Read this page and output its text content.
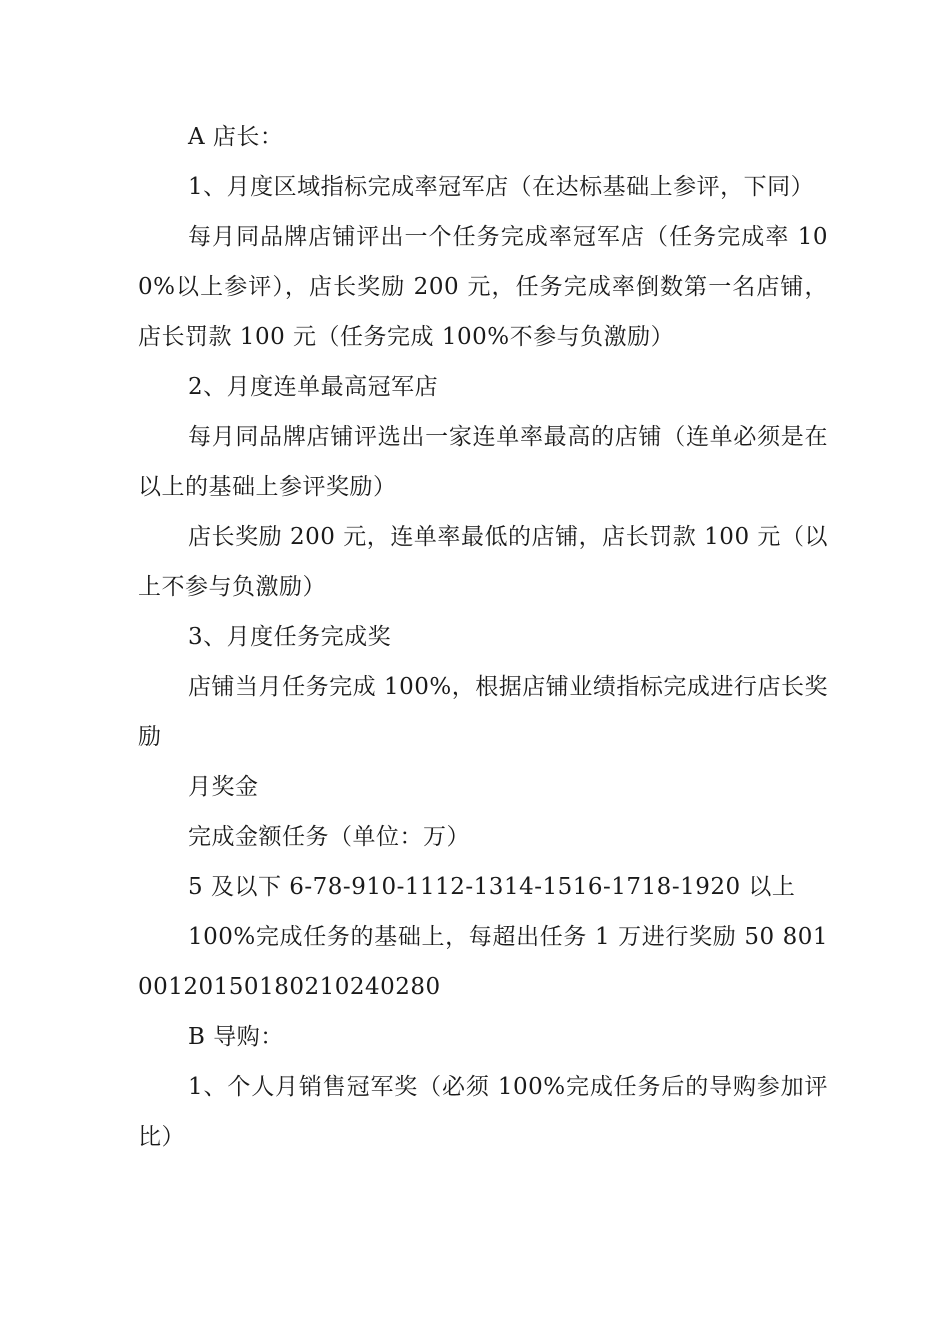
A 店长：

1、月度区域指标完成率冠军店（在达标基础上参评，下同）

每月同品牌店铺评出一个任务完成率冠军店（任务完成率 100%以上参评），店长奖励 200 元，任务完成率倒数第一名店铺，店长罚款 100 元（任务完成 100%不参与负激励）

2、月度连单最高冠军店

每月同品牌店铺评选出一家连单率最高的店铺（连单必须是在以上的基础上参评奖励）

店长奖励 200 元，连单率最低的店铺，店长罚款 100 元（以上不参与负激励）

3、月度任务完成奖

店铺当月任务完成 100%，根据店铺业绩指标完成进行店长奖励

月奖金

完成金额任务（单位：万）

5 及以下 6-78-910-1112-1314-1516-1718-1920 以上

100%完成任务的基础上，每超出任务 1 万进行奖励 50 80100120150180210240280

B 导购：

1、个人月销售冠军奖（必须 100%完成任务后的导购参加评比）
